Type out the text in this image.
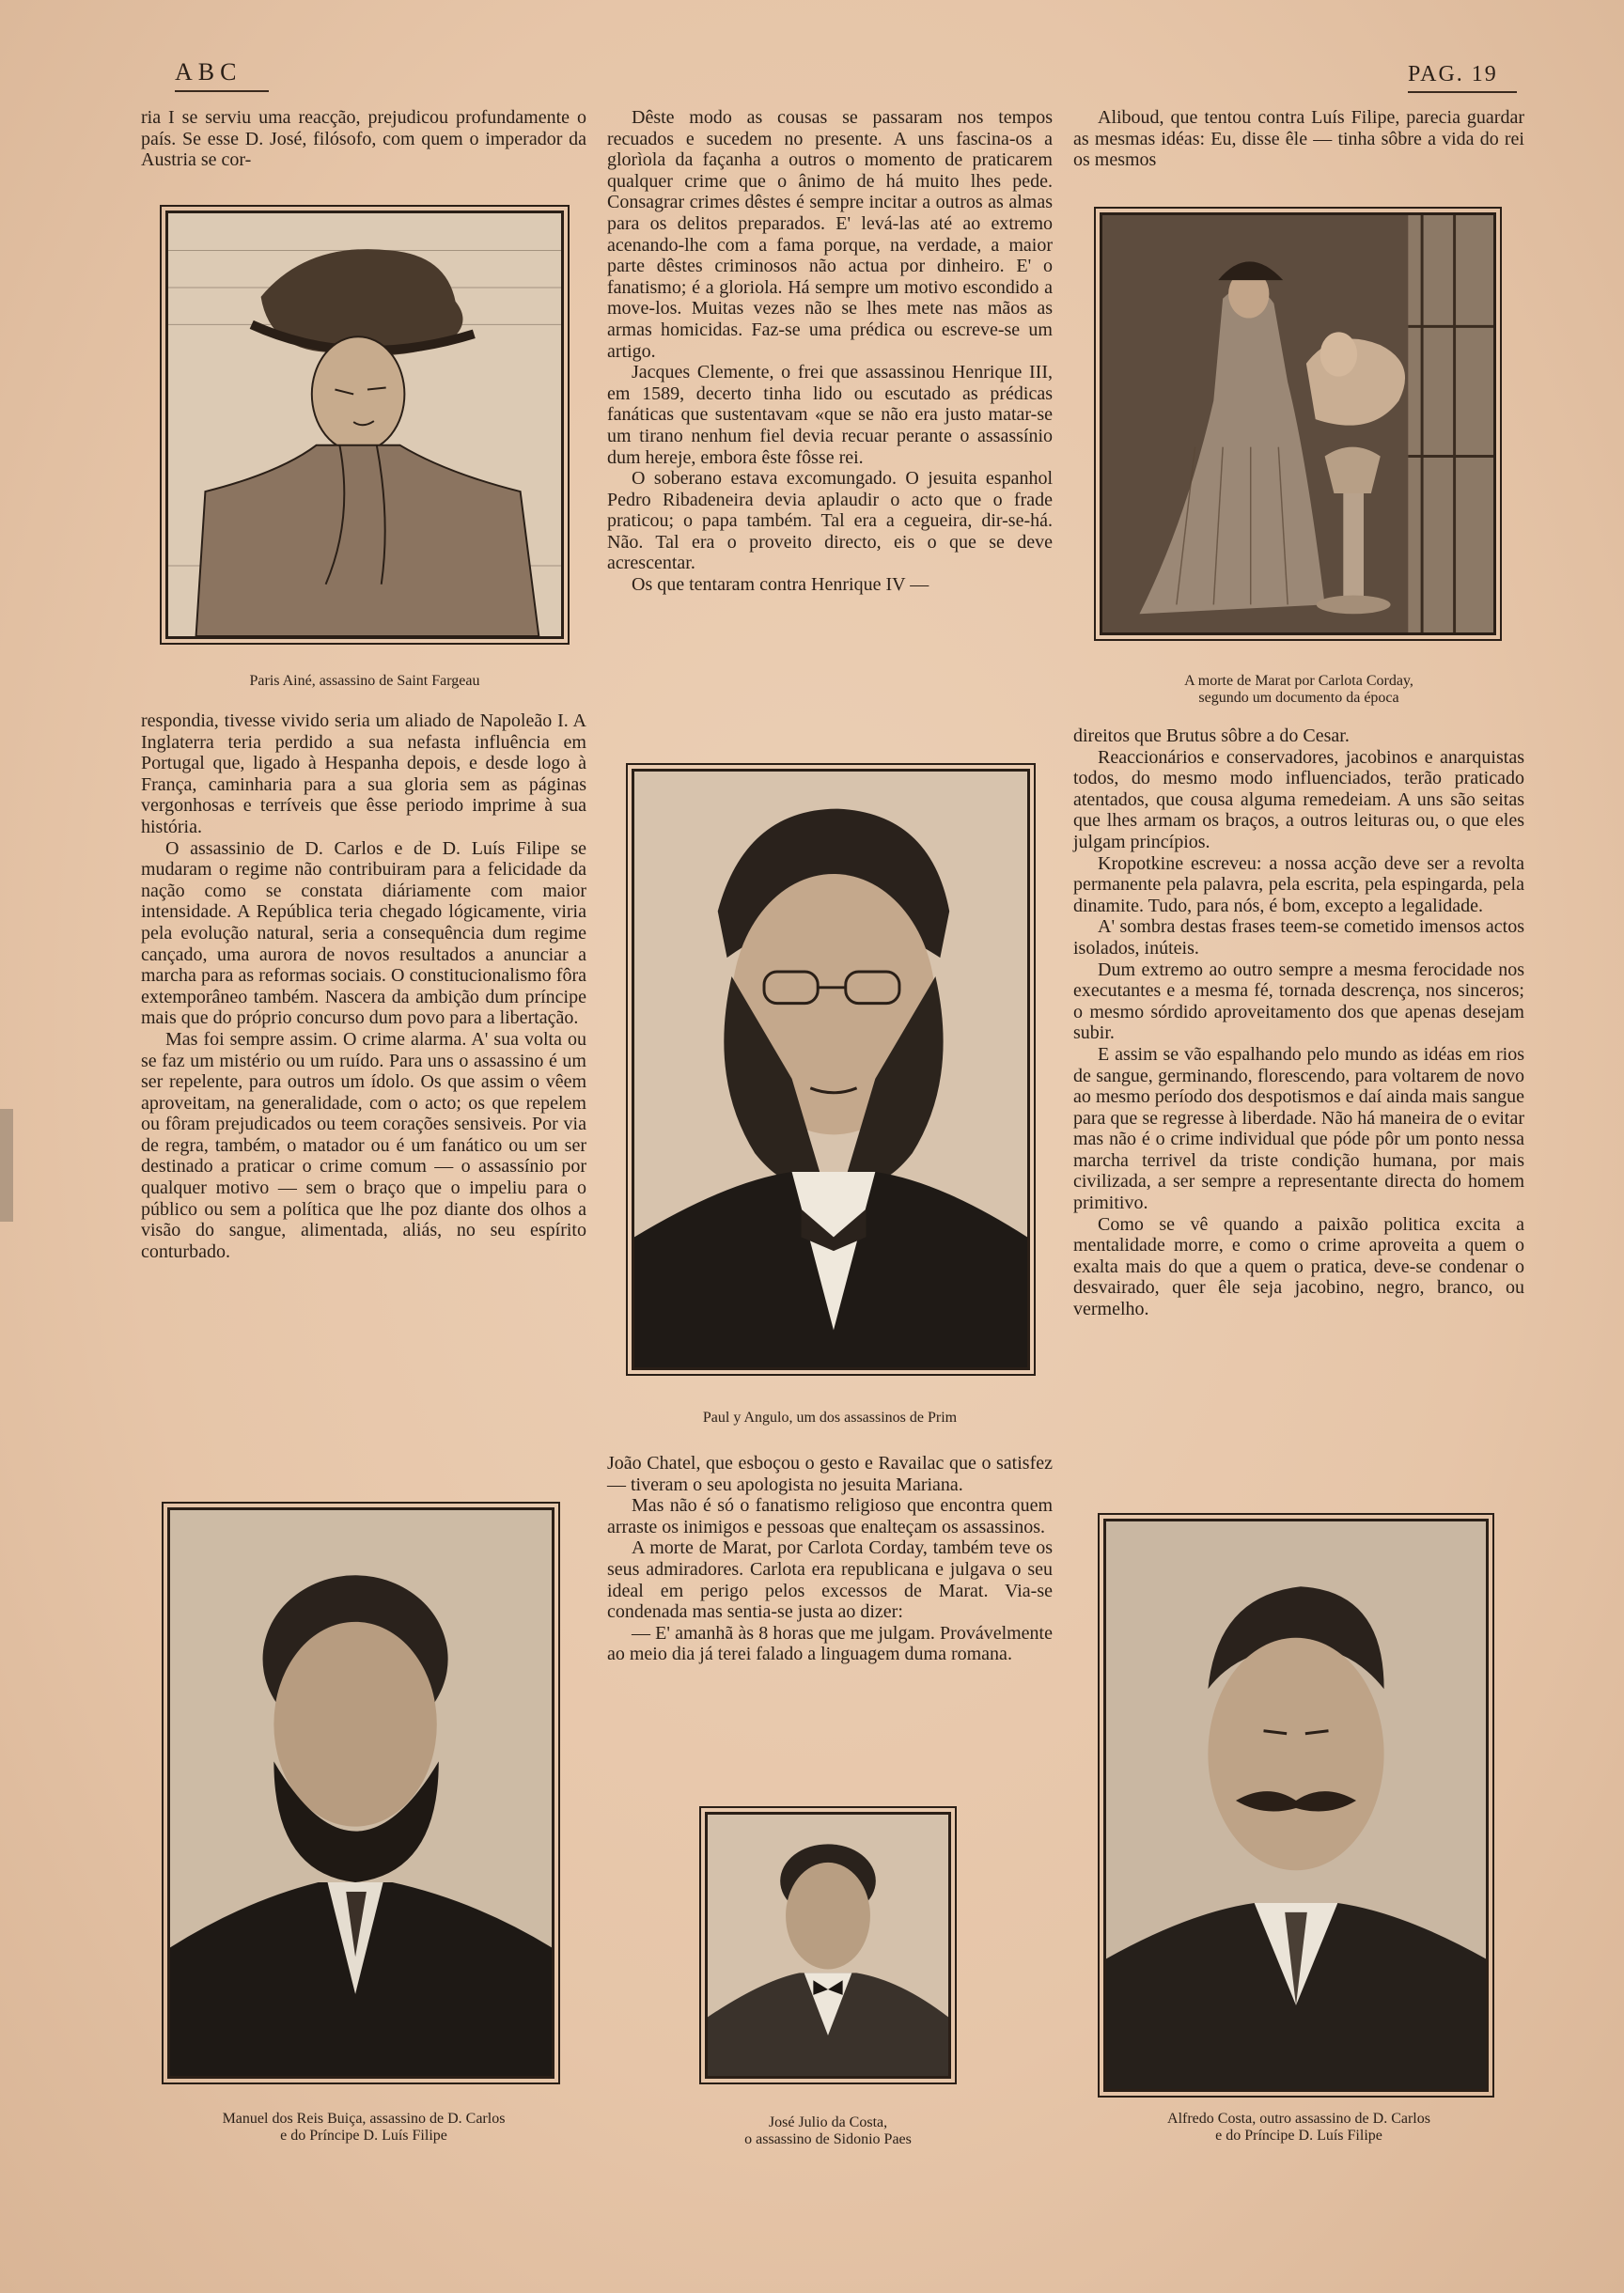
ABC	PAG. 19

ria I se serviu uma reacção, prejudicou profundamente o país. Se esse D. José, filósofo, com quem o imperador da Austria se cor-

Paris Ainé, assassino de Saint Fargeau

respondia, tivesse vivido seria um aliado de Napoleão I. A Inglaterra teria perdido a sua nefasta influência em Portugal que, ligado à Hespanha depois, e desde logo à França, caminharia para a sua gloria sem as páginas vergonhosas e terríveis que êsse periodo imprime à sua história.

O assassinio de D. Carlos e de D. Luís Filipe se mudaram o regime não contribuiram para a felicidade da nação como se constata diáriamente com maior intensidade. A República teria chegado lógicamente, viria pela evolução natural, seria a consequência dum regime cançado, uma aurora de novos resultados a anunciar a marcha para as reformas sociais. O constitucionalismo fôra extemporâneo também. Nascera da ambição dum príncipe mais que do próprio concurso dum povo para a libertação.

Mas foi sempre assim. O crime alarma. A' sua volta ou se faz um mistério ou um ruído. Para uns o assassino é um ser repelente, para outros um ídolo. Os que assim o vêem aproveitam, na generalidade, com o acto; os que repelem ou fôram prejudicados ou teem corações sensiveis. Por via de regra, também, o matador ou é um fanático ou um ser destinado a praticar o crime comum — o assassínio por qualquer motivo — sem o braço que o impeliu para o público ou sem a política que lhe poz diante dos olhos a visão do sangue, alimentada, aliás, no seu espírito conturbado.

Manuel dos Reis Buiça, assassino de D. Carlos
e do Príncipe D. Luís Filipe

Dêste modo as cousas se passaram nos tempos recuados e sucedem no presente. A uns fascina-os a glorìola da façanha a outros o momento de praticarem qualquer crime que o ânimo de há muito lhes pede. Consagrar crimes dêstes é sempre incitar a outros as almas para os delitos preparados. E' levá-las até ao extremo acenando-lhe com a fama porque, na verdade, a maior parte dêstes criminosos não actua por dinheiro. E' o fanatismo; é a gloriola. Há sempre um motivo escondido a move-los. Muitas vezes não se lhes mete nas mãos as armas homicidas. Faz-se uma prédica ou escreve-se um artigo.

Jacques Clemente, o frei que assassinou Henrique III, em 1589, decerto tinha lido ou escutado as prédicas fanáticas que sustentavam «que se não era justo matar-se um tirano nenhum fiel devia recuar perante o assassínio dum hereje, embora êste fôsse rei.

O soberano estava excomungado. O jesuita espanhol Pedro Ribadeneira devia aplaudir o acto que o frade praticou; o papa também. Tal era a cegueira, dir-se-há. Não. Tal era o proveito directo, eis o que se deve acrescentar.

Os que tentaram contra Henrique IV —

Paul y Angulo, um dos assassinos de Prim

João Chatel, que esboçou o gesto e Ravailac que o satisfez — tiveram o seu apologista no jesuita Mariana.

Mas não é só o fanatismo religioso que encontra quem arraste os inimigos e pessoas que enalteçam os assassinos.

A morte de Marat, por Carlota Corday, também teve os seus admiradores. Carlota era republicana e julgava o seu ideal em perigo pelos excessos de Marat. Via-se condenada mas sentia-se justa ao dizer:

— E' amanhã às 8 horas que me julgam. Provávelmente ao meio dia já terei falado a linguagem duma romana.

José Julio da Costa,
o assassino de Sidonio Paes

Aliboud, que tentou contra Luís Filipe, parecia guardar as mesmas idéas: Eu, disse êle — tinha sôbre a vida do rei os mesmos

A morte de Marat por Carlota Corday,
segundo um documento da época

direitos que Brutus sôbre a do Cesar.

Reaccionários e conservadores, jacobinos e anarquistas todos, do mesmo modo influenciados, terão praticado atentados, que cousa alguma remedeiam. A uns são seitas que lhes armam os braços, a outros leituras ou, o que eles julgam princípios.

Kropotkine escreveu: a nossa acção deve ser a revolta permanente pela palavra, pela escrita, pela espingarda, pela dinamite. Tudo, para nós, é bom, excepto a legalidade.

A' sombra destas frases teem-se cometido imensos actos isolados, inúteis.

Dum extremo ao outro sempre a mesma ferocidade nos executantes e a mesma fé, tornada descrença, nos sinceros; o mesmo sórdido aproveitamento dos que apenas desejam subir.

E assim se vão espalhando pelo mundo as idéas em rios de sangue, germinando, florescendo, para voltarem de novo ao mesmo período dos despotismos e daí ainda mais sangue para que se regresse à liberdade. Não há maneira de o evitar mas não é o crime individual que póde pôr um ponto nessa marcha terrivel da triste condição humana, por mais civilizada, a ser sempre a representante directa do homem primitivo.

Como se vê quando a paixão politica excita a mentalidade morre, e como o crime aproveita a quem o exalta mais do que a quem o pratica, deve-se condenar o desvairado, quer êle seja jacobino, negro, branco, ou vermelho.

Alfredo Costa, outro assassino de D. Carlos
e do Príncipe D. Luís Filipe
